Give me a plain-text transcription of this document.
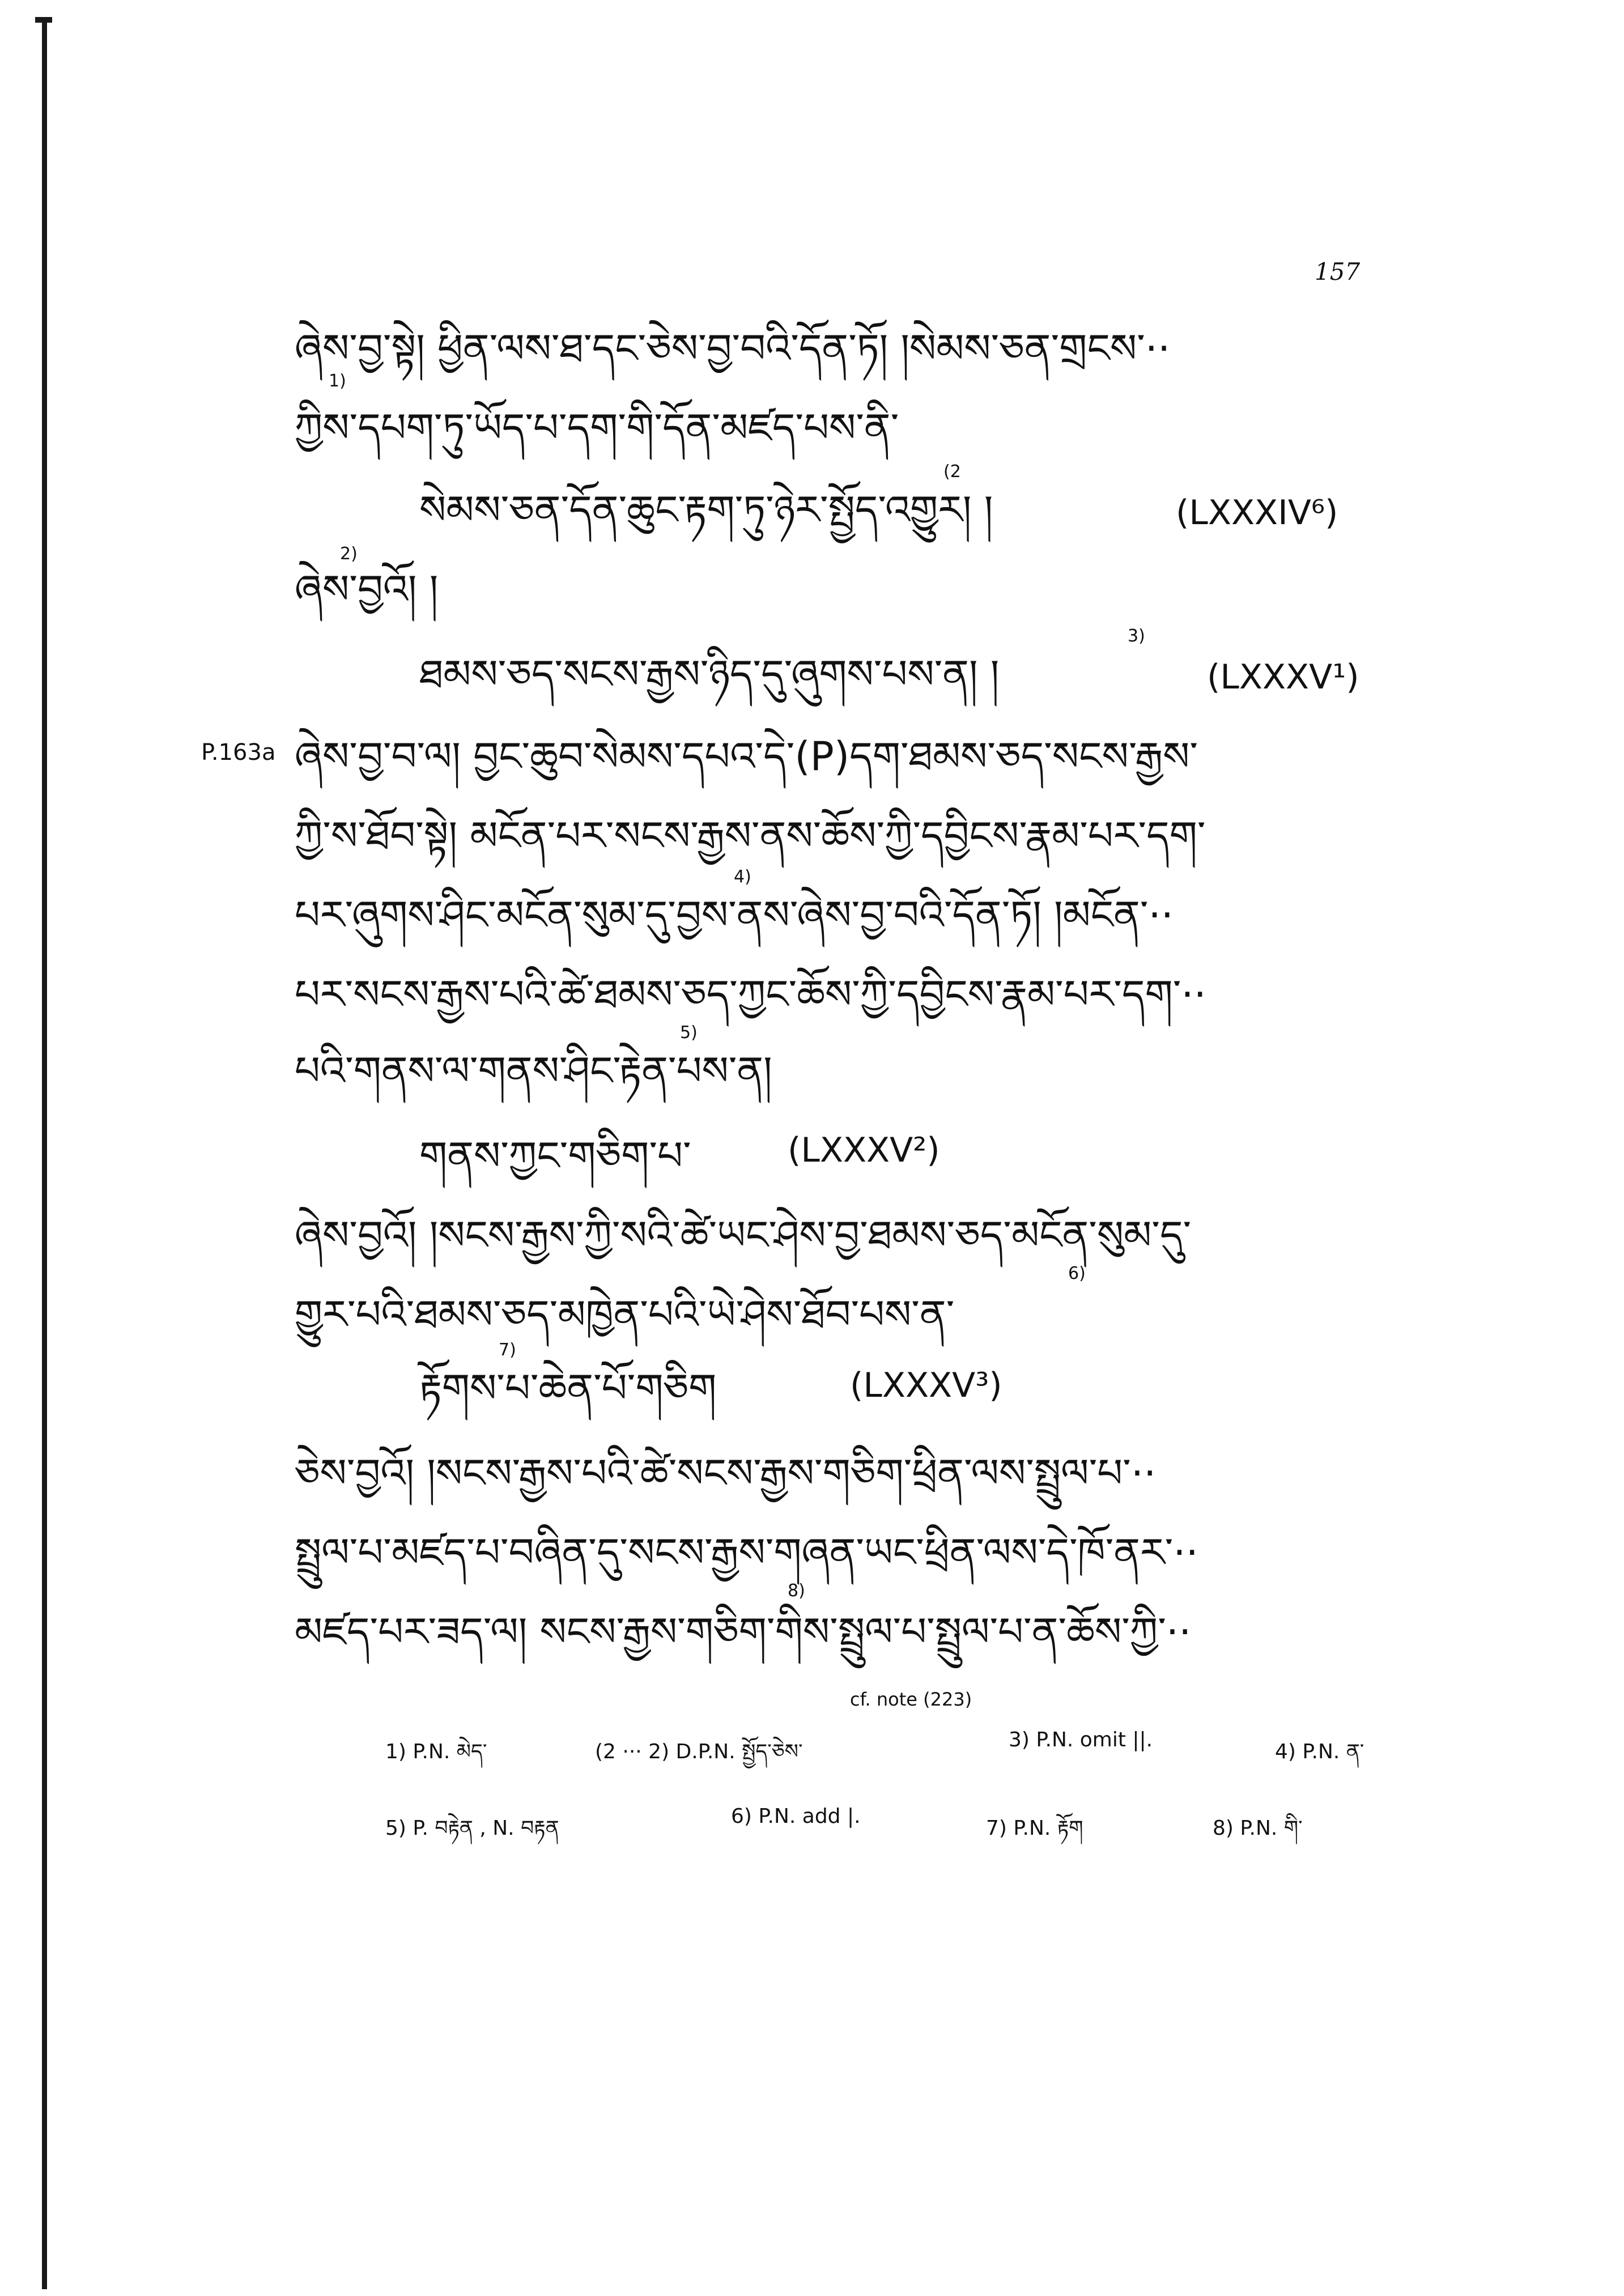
157
ཞེས་བྱ་སྟེ། ཕྱིན་ལས་ཐ་དང་ཅེས་བྱ་བའི་དོན་ཏོ། །སེམས་ཅན་གྲངས་··
1)
ཀྱིས་དཔག་ཏུ་ཡོད་པ་དག་གི་དོན་མཛད་པས་ནི་
(2
སེམས་ཅན་དོན་ཆུང་རྟག་ཏུ་ཉེར་སྤྱོད་འགྱུར། །	(LXXXIV⁶)
2)
ཞེས་བྱའོ། །
3)
ཐམས་ཅད་སངས་རྒྱས་ཉིད་དུ་ཞུགས་པས་ན། །	(LXXXV¹)
P.163a ཞེས་བྱ་བ་ལ། བྱང་ཆུབ་སེམས་དཔའ་དེ་(P)དག་ཐམས་ཅད་སངས་རྒྱས་
ཀྱི་ས་ཐོབ་སྟེ། མངོན་པར་སངས་རྒྱས་ནས་ཆོས་ཀྱི་དབྱིངས་རྣམ་པར་དག་
4)
པར་ཞུགས་ཤིང་མངོན་སུམ་དུ་བྱས་ནས་ཞེས་བྱ་བའི་དོན་ཏོ། །མངོན་··
པར་སངས་རྒྱས་པའི་ཚེ་ཐམས་ཅད་ཀྱང་ཆོས་ཀྱི་དབྱིངས་རྣམ་པར་དག་··
5)
པའི་གནས་ལ་གནས་ཤིང་རྟེན་པས་ན།
གནས་ཀྱང་གཅིག་པ་	(LXXXV²)
ཞེས་བྱའོ། །སངས་རྒྱས་ཀྱི་སའི་ཚེ་ཡང་ཤེས་བྱ་ཐམས་ཅད་མངོན་སུམ་དུ་
6)
གྱུར་པའི་ཐམས་ཅད་མཁྱེན་པའི་ཡེ་ཤེས་ཐོབ་པས་ན་
7)
རྟོགས་པ་ཆེན་པོ་གཅིག	(LXXXV³)
ཅེས་བྱའོ། །སངས་རྒྱས་པའི་ཚེ་སངས་རྒྱས་གཅིག་ཕྲིན་ལས་སྤྲུལ་པ་··
སྤྲུལ་པ་མཛད་པ་བཞིན་དུ་སངས་རྒྱས་གཞན་ཡང་ཕྲིན་ལས་དེ་ཁོ་ནར་··
8)
མཛད་པར་ཟད་ལ། སངས་རྒྱས་གཅིག་གིས་སྤྲུལ་པ་སྤྲུལ་པ་ན་ཆོས་ཀྱི་··
cf. note (223)
1) P.N. མེད་	(2 ··· 2) D.P.N. སྤྱོད་ཅེས་
3) P.N. omit ||.
4) P.N. ན་
5) P. བརྟེན , N. བརྟན
6) P.N. add |.
7) P.N. རྟོག	8) P.N. གི་
